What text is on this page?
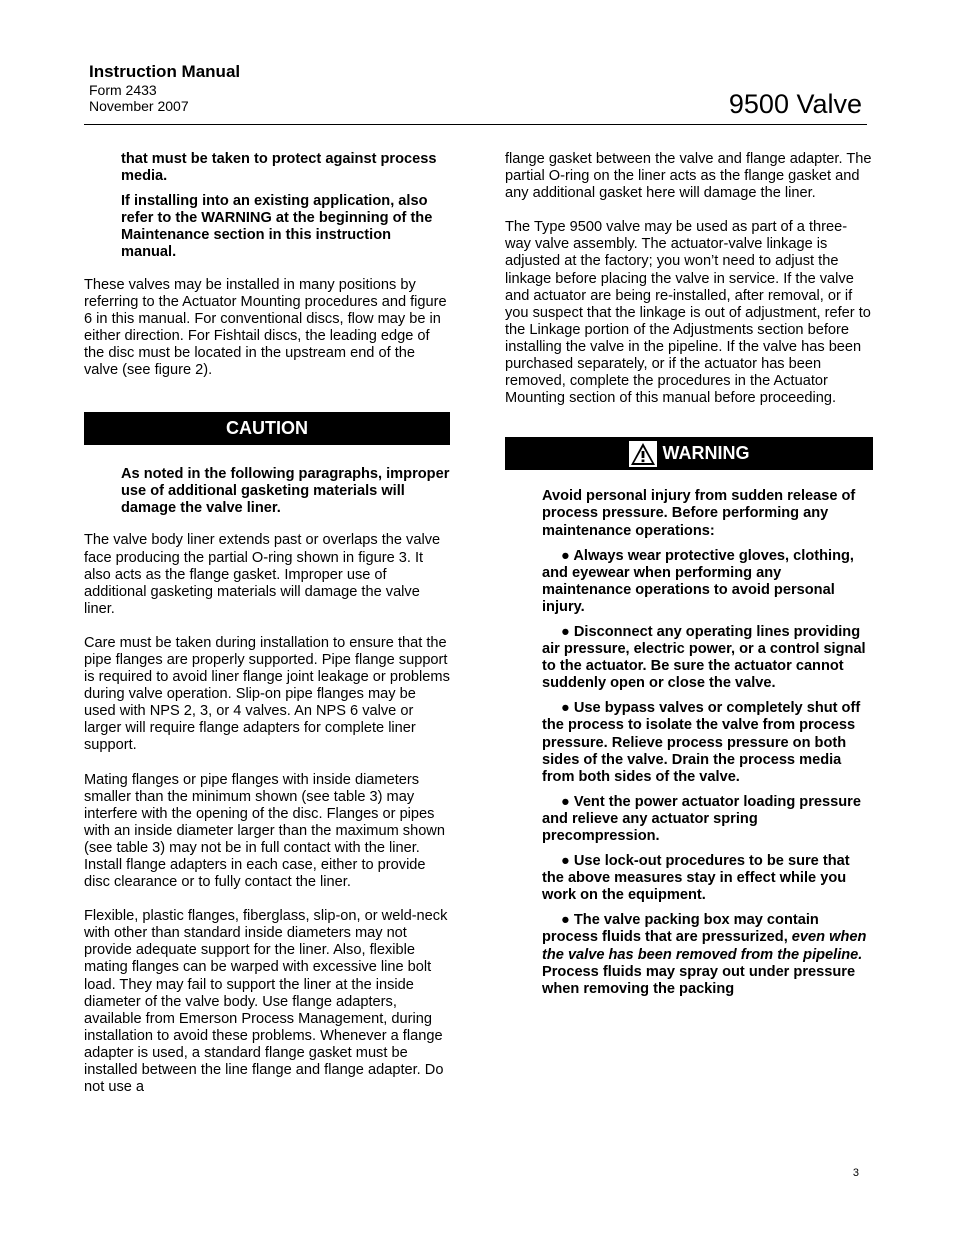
Instruction Manual
Form 2433
November 2007	9500 Valve

that must be taken to protect against process media.

If installing into an existing application, also refer to the WARNING at the beginning of the Maintenance section in this instruction manual.

These valves may be installed in many positions by referring to the Actuator Mounting procedures and figure 6 in this manual. For conventional discs, flow may be in either direction. For Fishtail discs, the leading edge of the disc must be located in the upstream end of the valve (see figure 2).

CAUTION

As noted in the following paragraphs, improper use of additional gasketing materials will damage the valve liner.

The valve body liner extends past or overlaps the valve face producing the partial O-ring shown in figure 3. It also acts as the flange gasket. Improper use of additional gasketing materials will damage the valve liner.

Care must be taken during installation to ensure that the pipe flanges are properly supported. Pipe flange support is required to avoid liner flange joint leakage or problems during valve operation. Slip-on pipe flanges may be used with NPS 2, 3, or 4 valves. An NPS 6 valve or larger will require flange adapters for complete liner support.

Mating flanges or pipe flanges with inside diameters smaller than the minimum shown (see table 3) may interfere with the opening of the disc. Flanges or pipes with an inside diameter larger than the maximum shown (see table 3) may not be in full contact with the liner. Install flange adapters in each case, either to provide disc clearance or to fully contact the liner.

Flexible, plastic flanges, fiberglass, slip-on, or weld-neck with other than standard inside diameters may not provide adequate support for the liner. Also, flexible mating flanges can be warped with excessive line bolt load. They may fail to support the liner at the inside diameter of the valve body. Use flange adapters, available from Emerson Process Management, during installation to avoid these problems. Whenever a flange adapter is used, a standard flange gasket must be installed between the line flange and flange adapter. Do not use a

flange gasket between the valve and flange adapter. The partial O-ring on the liner acts as the flange gasket and any additional gasket here will damage the liner.

The Type 9500 valve may be used as part of a three-way valve assembly. The actuator-valve linkage is adjusted at the factory; you won’t need to adjust the linkage before placing the valve in service. If the valve and actuator are being re-installed, after removal, or if you suspect that the linkage is out of adjustment, refer to the Linkage portion of the Adjustments section before installing the valve in the pipeline. If the valve has been purchased separately, or if the actuator has been removed, complete the procedures in the Actuator Mounting section of this manual before proceeding.

WARNING

Avoid personal injury from sudden release of process pressure. Before performing any maintenance operations:

● Always wear protective gloves, clothing, and eyewear when performing any maintenance operations to avoid personal injury.

● Disconnect any operating lines providing air pressure, electric power, or a control signal to the actuator. Be sure the actuator cannot suddenly open or close the valve.

● Use bypass valves or completely shut off the process to isolate the valve from process pressure. Relieve process pressure on both sides of the valve. Drain the process media from both sides of the valve.

● Vent the power actuator loading pressure and relieve any actuator spring precompression.

● Use lock-out procedures to be sure that the above measures stay in effect while you work on the equipment.

● The valve packing box may contain process fluids that are pressurized, even when the valve has been removed from the pipeline. Process fluids may spray out under pressure when removing the packing

3
